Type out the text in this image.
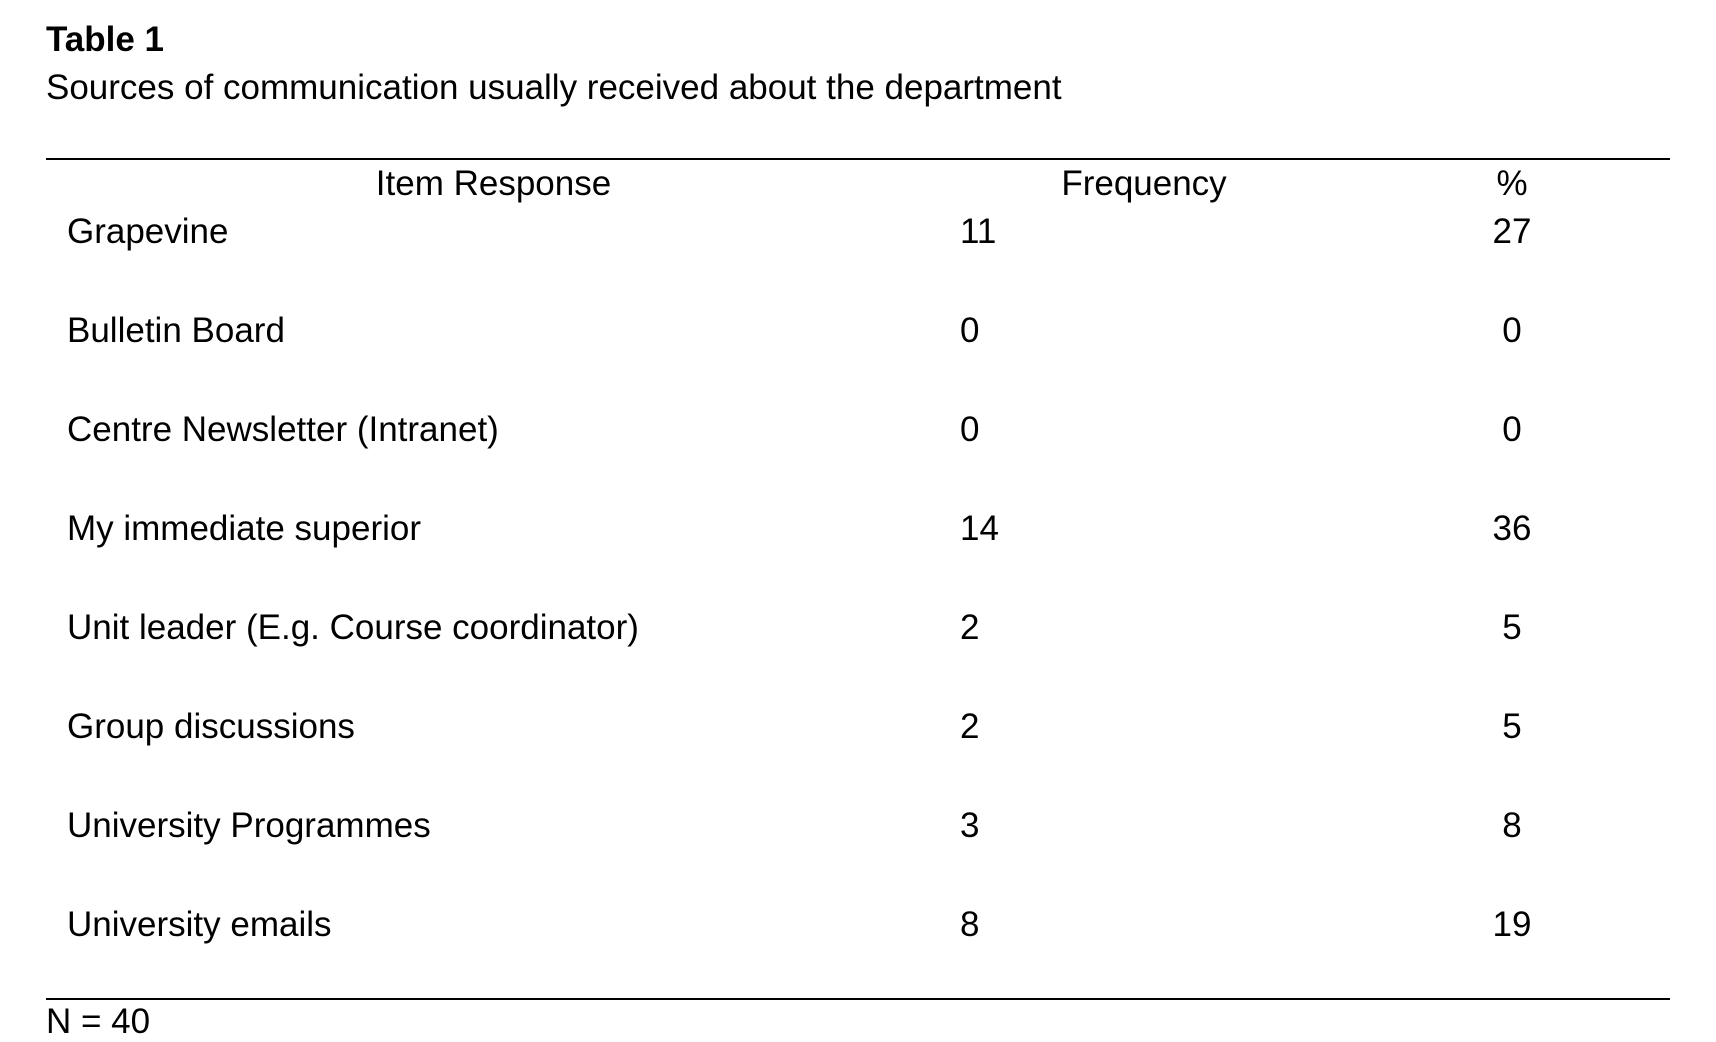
Table 1
Sources of communication usually received about the department
Item Response	Frequency	%
Grapevine	11	27
Bulletin Board	0	0
Centre Newsletter (Intranet)	0	0
My immediate superior	14	36
Unit leader (E.g. Course coordinator)	2	5
Group discussions	2	5
University Programmes	3	8
University emails	8	19
N = 40
